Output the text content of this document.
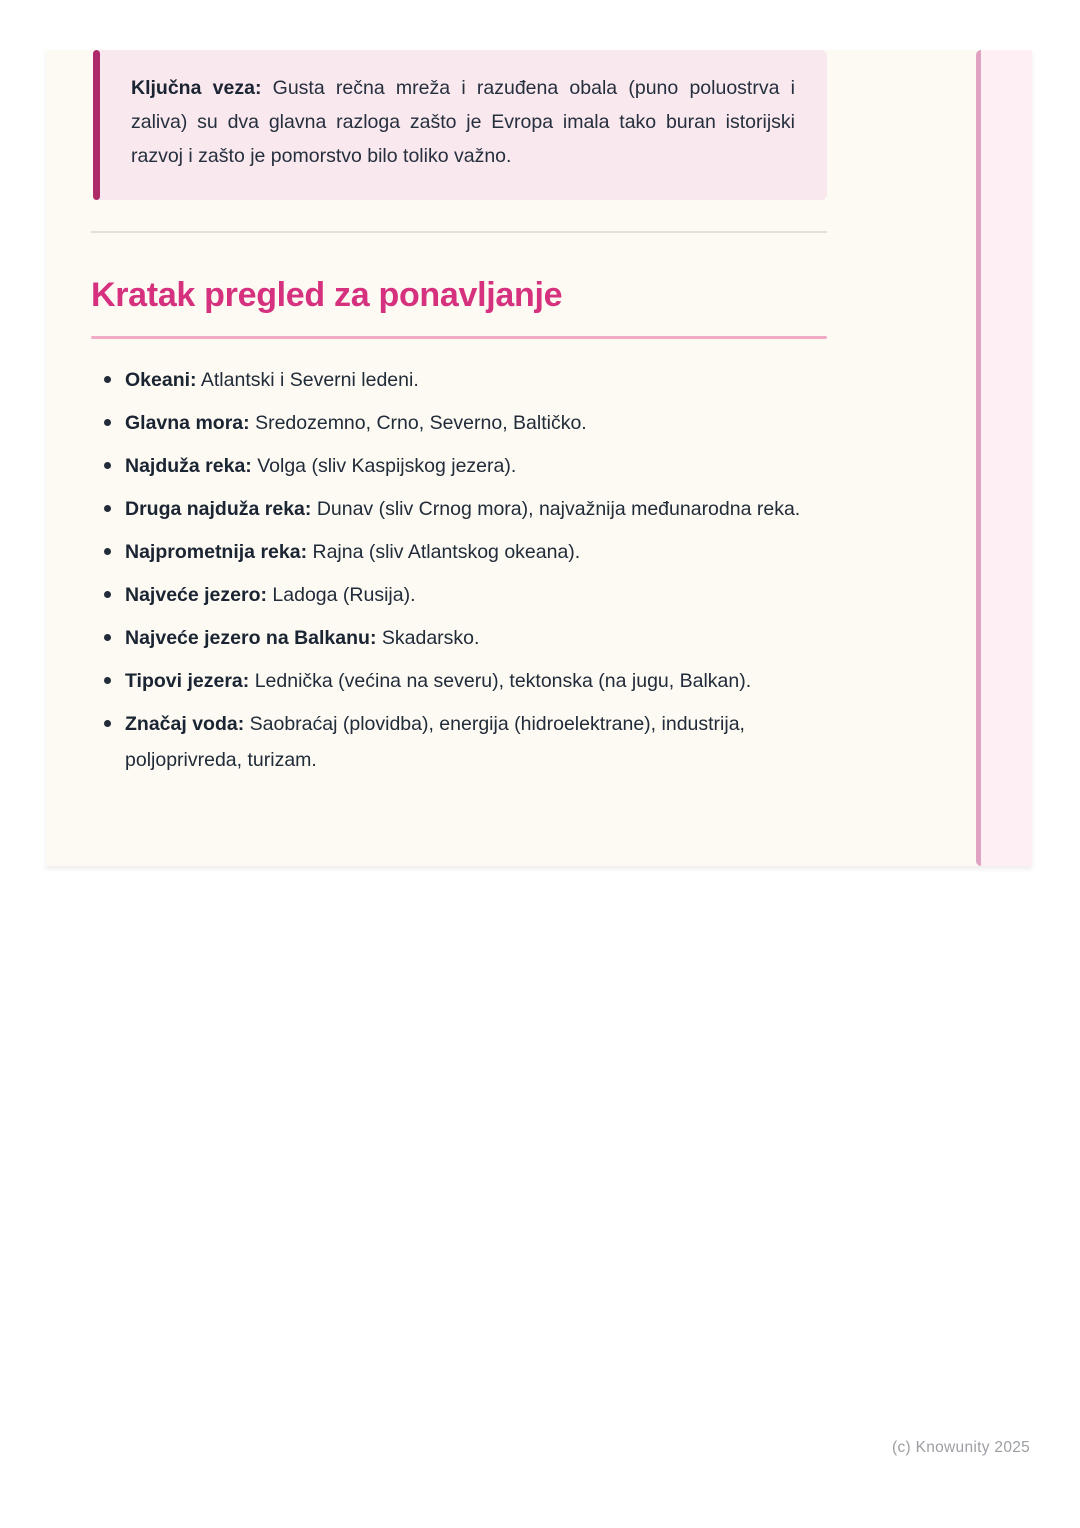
Ključna veza: Gusta rečna mreža i razuđena obala (puno poluostrva i zaliva) su dva glavna razloga zašto je Evropa imala tako buran istorijski razvoj i zašto je pomorstvo bilo toliko važno.

Kratak pregled za ponavljanje
Okeani: Atlantski i Severni ledeni.
Glavna mora: Sredozemno, Crno, Severno, Baltičko.
Najduža reka: Volga (sliv Kaspijskog jezera).
Druga najduža reka: Dunav (sliv Crnog mora), najvažnija međunarodna reka.
Najprometnija reka: Rajna (sliv Atlantskog okeana).
Najveće jezero: Ladoga (Rusija).
Najveće jezero na Balkanu: Skadarsko.
Tipovi jezera: Lednička (većina na severu), tektonska (na jugu, Balkan).
Značaj voda: Saobraćaj (plovidba), energija (hidroelektrane), industrija, poljoprivreda, turizam.
(c) Knowunity 2025
